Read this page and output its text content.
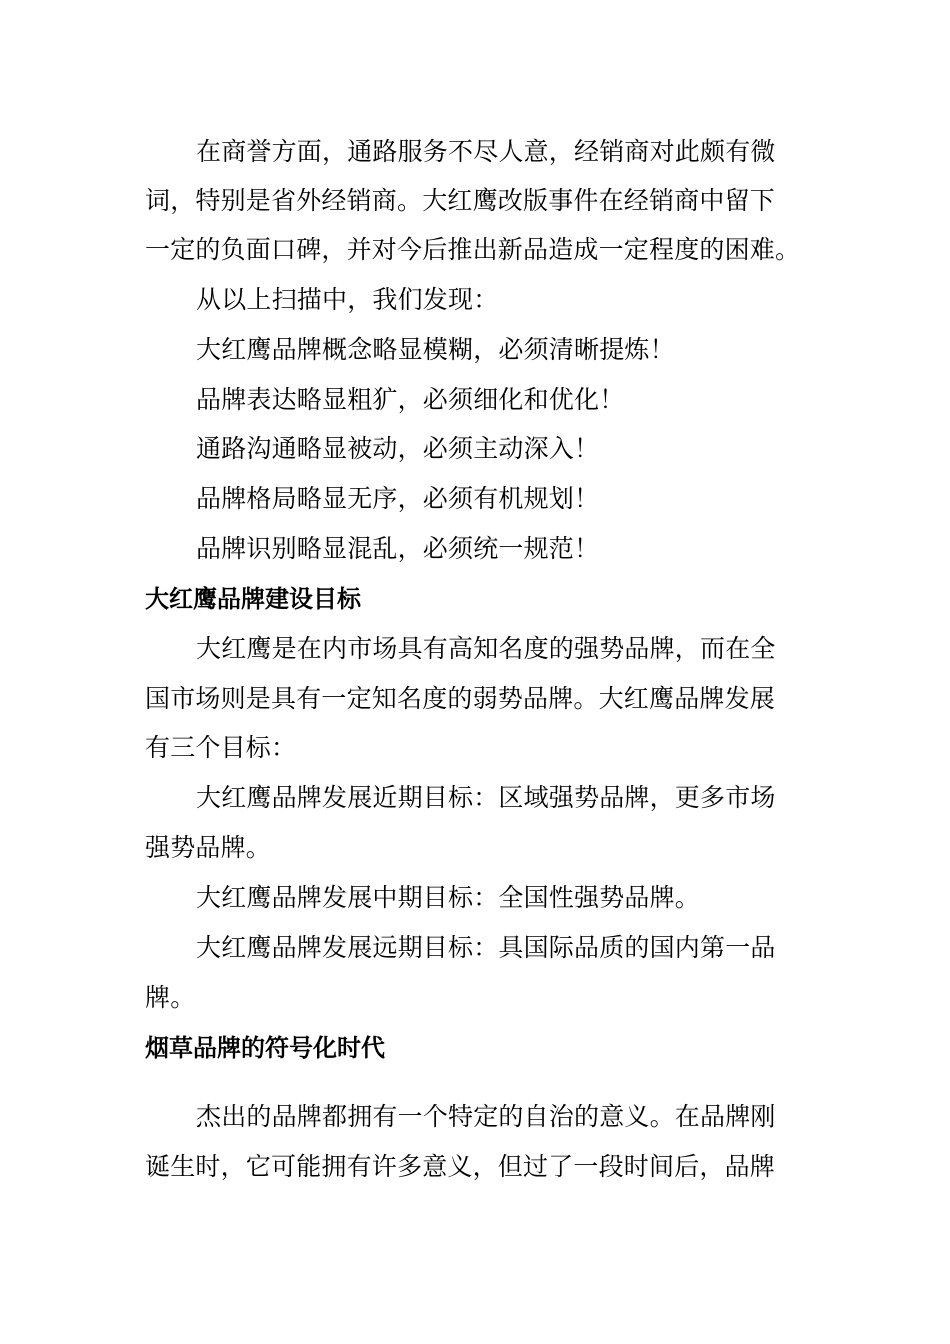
在商誉方面，通路服务不尽人意，经销商对此颇有微
词，特别是省外经销商。大红鹰改版事件在经销商中留下
一定的负面口碑，并对今后推出新品造成一定程度的困难。
从以上扫描中，我们发现：
大红鹰品牌概念略显模糊，必须清晰提炼！
品牌表达略显粗犷，必须细化和优化！
通路沟通略显被动，必须主动深入！
品牌格局略显无序，必须有机规划！
品牌识别略显混乱，必须统一规范！
大红鹰品牌建设目标
大红鹰是在内市场具有高知名度的强势品牌，而在全
国市场则是具有一定知名度的弱势品牌。大红鹰品牌发展
有三个目标：
大红鹰品牌发展近期目标：区域强势品牌，更多市场
强势品牌。
大红鹰品牌发展中期目标：全国性强势品牌。
大红鹰品牌发展远期目标：具国际品质的国内第一品
牌。
烟草品牌的符号化时代
杰出的品牌都拥有一个特定的自治的意义。在品牌刚
诞生时，它可能拥有许多意义，但过了一段时间后，品牌
